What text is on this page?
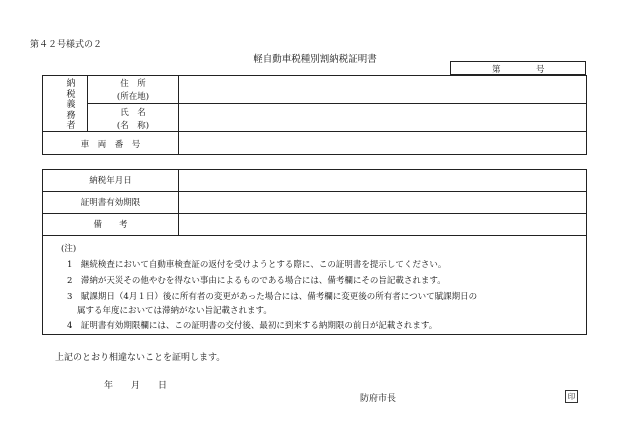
第４２号様式の２
軽自動車税種別割納税証明書
第	号
納税義務者
住　所
(所在地)
氏　名
(名　称)
車　両　番　号
納税年月日
証明書有効期限
備　　考
(注)
1　継続検査において自動車検査証の返付を受けようとする際に、この証明書を提示してください。
2　滞納が天災その他やむを得ない事由によるものである場合には、備考欄にその旨記載されます。
3　賦課期日（4月１日）後に所有者の変更があった場合には、備考欄に変更後の所有者について賦課期日の
属する年度においては滞納がない旨記載されます。
4　証明書有効期限欄には、この証明書の交付後、最初に到来する納期限の前日が記載されます。
上記のとおり相違ないことを証明します。
年　　月　　日
防府市長	印
